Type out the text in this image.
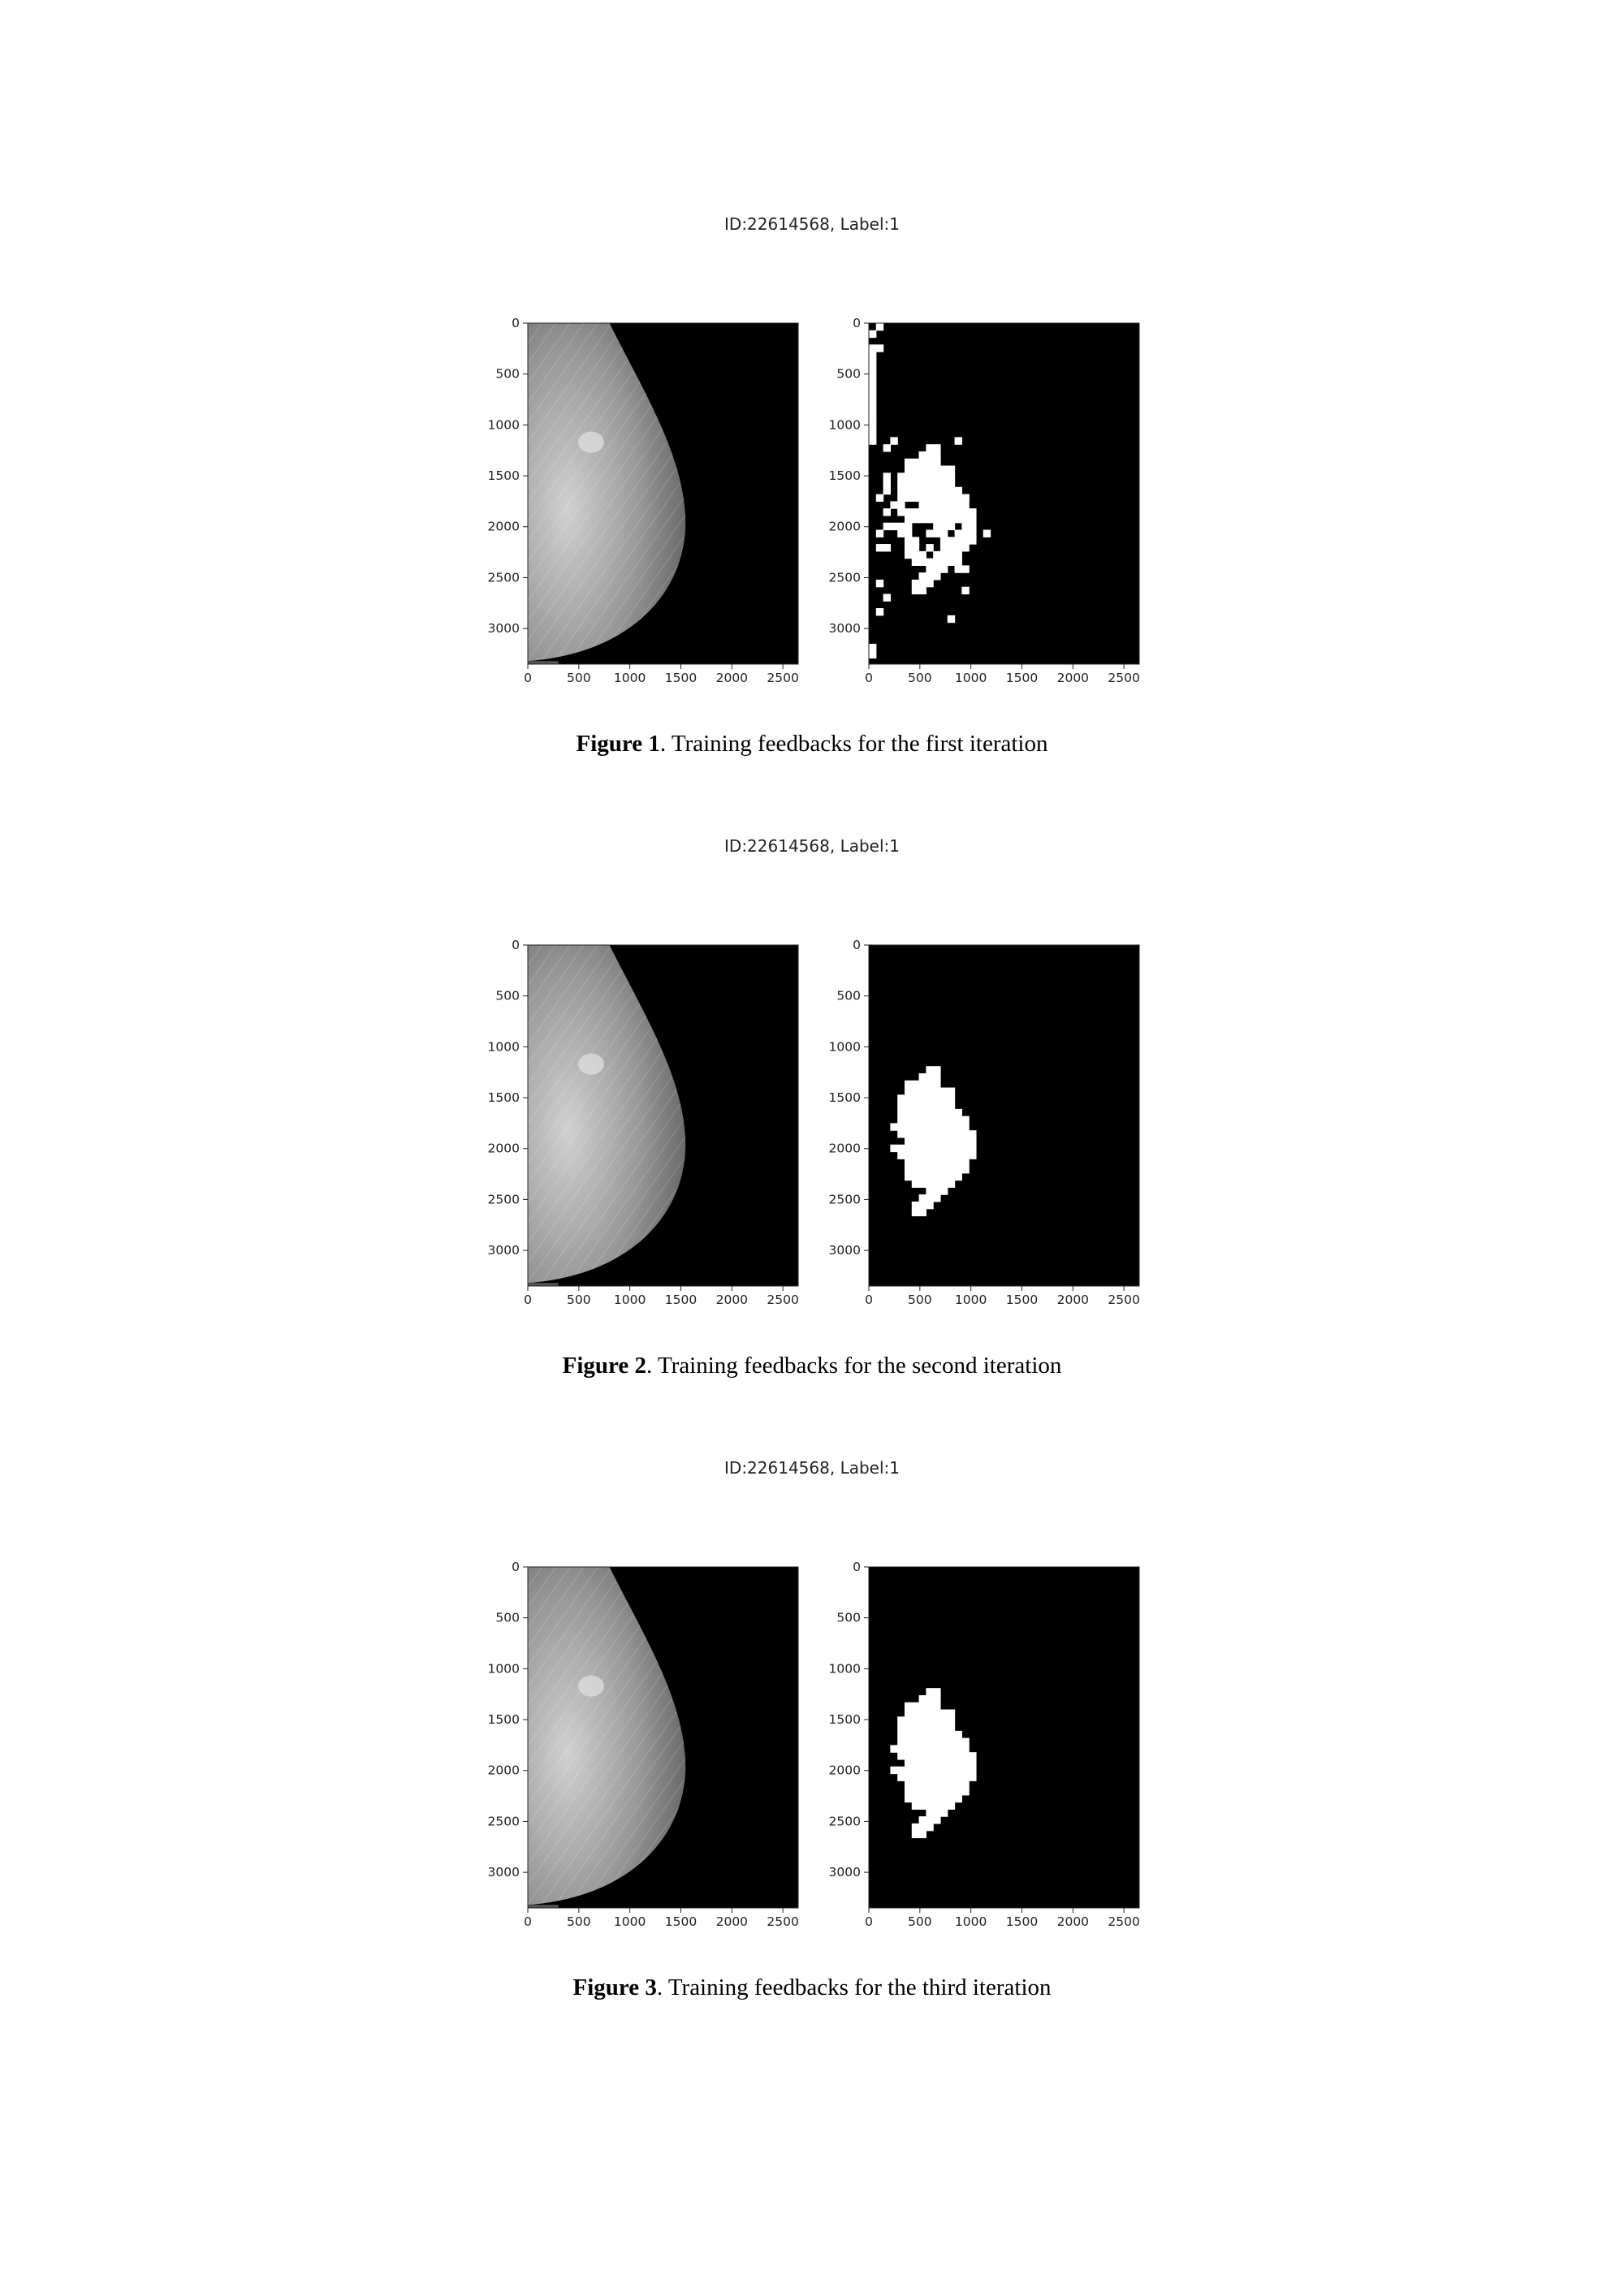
ID:22614568, Label:1
0	500 1000 1500 2000 2500
0
500
1000
1500
2000
2500
3000
0	500 1000 1500 2000 2500
0
500
1000
1500
2000
2500
3000
Figure 1. Training feedbacks for the first iteration
ID:22614568, Label:1
0	500 1000 1500 2000 2500
0
500
1000
1500
2000
2500
3000
0	500 1000 1500 2000 2500
0
500
1000
1500
2000
2500
3000
Figure 2. Training feedbacks for the second iteration
ID:22614568, Label:1
0	500 1000 1500 2000 2500
0
500
1000
1500
2000
2500
3000
0	500 1000 1500 2000 2500
0
500
1000
1500
2000
2500
3000
Figure 3. Training feedbacks for the third iteration
